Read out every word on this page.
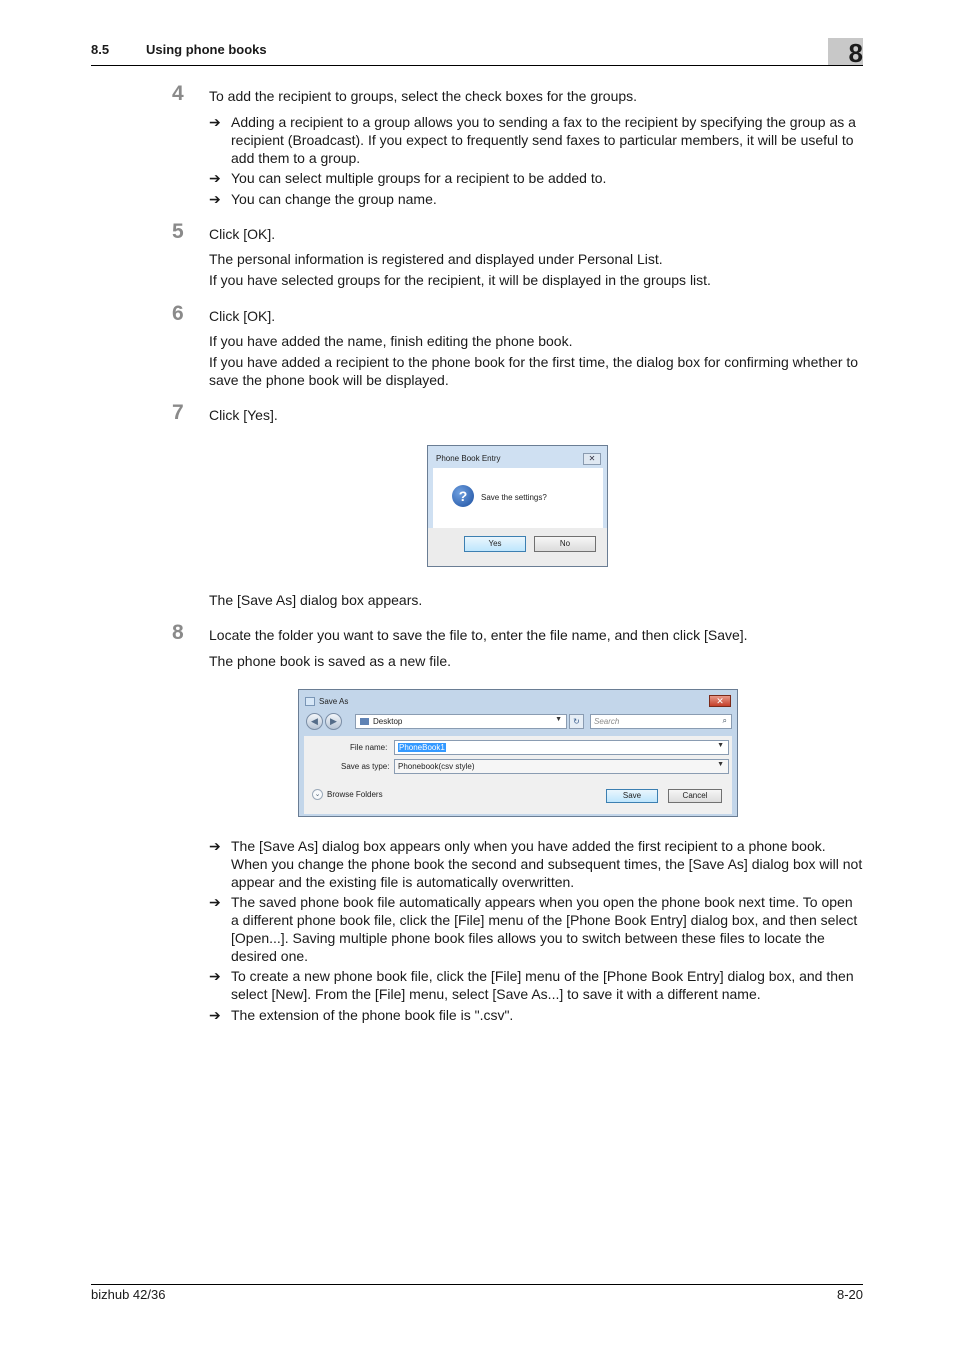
8.5	Using phone books	8
4 To add the recipient to groups, select the check boxes for the groups.
➔ Adding a recipient to a group allows you to sending a fax to the recipient by specifying the group as a recipient (Broadcast). If you expect to frequently send faxes to particular members, it will be useful to add them to a group.
➔ You can select multiple groups for a recipient to be added to.
➔ You can change the group name.
5 Click [OK].
The personal information is registered and displayed under Personal List.
If you have selected groups for the recipient, it will be displayed in the groups list.
6 Click [OK].
If you have added the name, finish editing the phone book.
If you have added a recipient to the phone book for the first time, the dialog box for confirming whether to save the phone book will be displayed.
7 Click [Yes].
Phone Book Entry	✕
?	Save the settings?
Yes	No
The [Save As] dialog box appears.
8 Locate the folder you want to save the file to, enter the file name, and then click [Save].
The phone book is saved as a new file.
Save As	✕
◀	▶	Desktop	▼	↻	Search	⌕
File name: PhoneBook1	▼
Save as type: Phonebook(csv style)	▼
⌄ Browse Folders	Save	Cancel
➔ The [Save As] dialog box appears only when you have added the first recipient to a phone book. When you change the phone book the second and subsequent times, the [Save As] dialog box will not appear and the existing file is automatically overwritten.
➔ The saved phone book file automatically appears when you open the phone book next time. To open a different phone book file, click the [File] menu of the [Phone Book Entry] dialog box, and then select [Open...]. Saving multiple phone book files allows you to switch between these files to locate the desired one.
➔ To create a new phone book file, click the [File] menu of the [Phone Book Entry] dialog box, and then select [New]. From the [File] menu, select [Save As...] to save it with a different name.
➔ The extension of the phone book file is ".csv".
bizhub 42/36	8-20
